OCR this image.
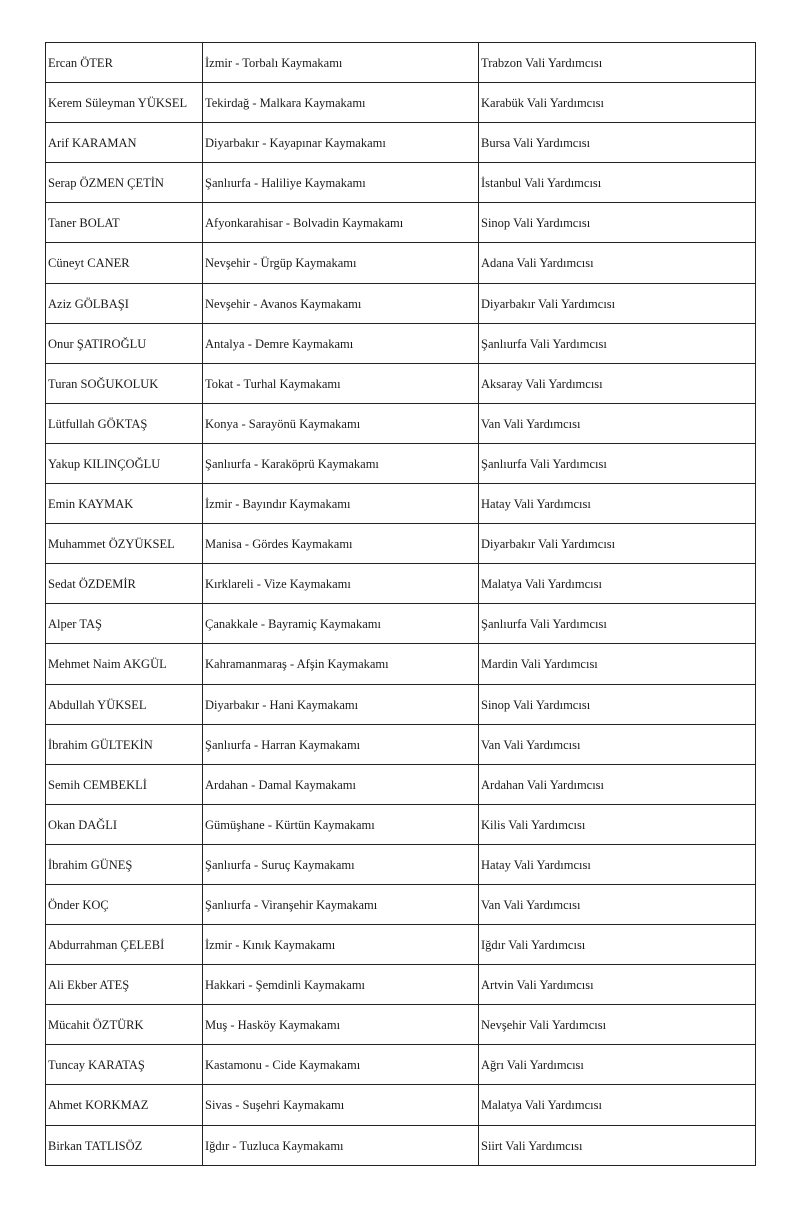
Ercan ÖTER	İzmir - Torbalı Kaymakamı	Trabzon Vali Yardımcısı
Kerem Süleyman YÜKSEL	Tekirdağ - Malkara Kaymakamı	Karabük Vali Yardımcısı
Arif KARAMAN	Diyarbakır - Kayapınar Kaymakamı	Bursa Vali Yardımcısı
Serap ÖZMEN ÇETİN	Şanlıurfa - Haliliye Kaymakamı	İstanbul Vali Yardımcısı
Taner BOLAT	Afyonkarahisar - Bolvadin Kaymakamı	Sinop Vali Yardımcısı
Cüneyt CANER	Nevşehir - Ürgüp Kaymakamı	Adana Vali Yardımcısı
Aziz GÖLBAŞI	Nevşehir - Avanos Kaymakamı	Diyarbakır Vali Yardımcısı
Onur ŞATIROĞLU	Antalya - Demre Kaymakamı	Şanlıurfa Vali Yardımcısı
Turan SOĞUKOLUK	Tokat - Turhal Kaymakamı	Aksaray Vali Yardımcısı
Lütfullah GÖKTAŞ	Konya - Sarayönü Kaymakamı	Van Vali Yardımcısı
Yakup KILINÇOĞLU	Şanlıurfa - Karaköprü Kaymakamı	Şanlıurfa Vali Yardımcısı
Emin KAYMAK	İzmir - Bayındır Kaymakamı	Hatay Vali Yardımcısı
Muhammet ÖZYÜKSEL	Manisa - Gördes Kaymakamı	Diyarbakır Vali Yardımcısı
Sedat ÖZDEMİR	Kırklareli - Vize Kaymakamı	Malatya Vali Yardımcısı
Alper TAŞ	Çanakkale - Bayramiç Kaymakamı	Şanlıurfa Vali Yardımcısı
Mehmet Naim AKGÜL	Kahramanmaraş - Afşin Kaymakamı	Mardin Vali Yardımcısı
Abdullah YÜKSEL	Diyarbakır - Hani Kaymakamı	Sinop Vali Yardımcısı
İbrahim GÜLTEKİN	Şanlıurfa - Harran Kaymakamı	Van Vali Yardımcısı
Semih CEMBEKLİ	Ardahan - Damal Kaymakamı	Ardahan Vali Yardımcısı
Okan DAĞLI	Gümüşhane - Kürtün Kaymakamı	Kilis Vali Yardımcısı
İbrahim GÜNEŞ	Şanlıurfa - Suruç Kaymakamı	Hatay Vali Yardımcısı
Önder KOÇ	Şanlıurfa - Viranşehir Kaymakamı	Van Vali Yardımcısı
Abdurrahman ÇELEBİ	İzmir - Kınık Kaymakamı	Iğdır Vali Yardımcısı
Ali Ekber ATEŞ	Hakkari - Şemdinli Kaymakamı	Artvin Vali Yardımcısı
Mücahit ÖZTÜRK	Muş - Hasköy Kaymakamı	Nevşehir Vali Yardımcısı
Tuncay KARATAŞ	Kastamonu - Cide Kaymakamı	Ağrı Vali Yardımcısı
Ahmet KORKMAZ	Sivas - Suşehri Kaymakamı	Malatya Vali Yardımcısı
Birkan TATLISÖZ	Iğdır - Tuzluca Kaymakamı	Siirt Vali Yardımcısı
